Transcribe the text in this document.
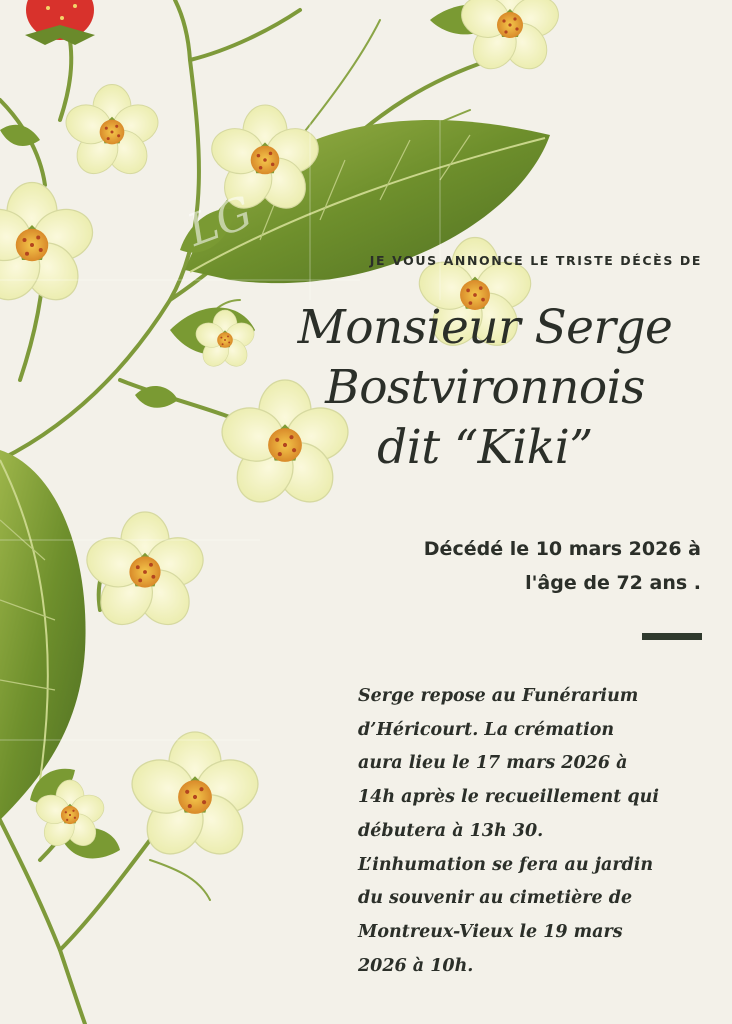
LG
JE VOUS ANNONCE LE TRISTE DÉCÈS DE
Monsieur Serge
Bostvironnois
dit “Kiki”
Décédé le 10 mars 2026 à
l'âge de 72 ans .
Serge repose au Funérarium
d’Héricourt. La crémation
aura lieu le 17 mars 2026 à
14h après le recueillement qui
débutera à 13h 30.
L’inhumation se fera au jardin
du souvenir au cimetière de
Montreux-Vieux le 19 mars
2026 à 10h.
